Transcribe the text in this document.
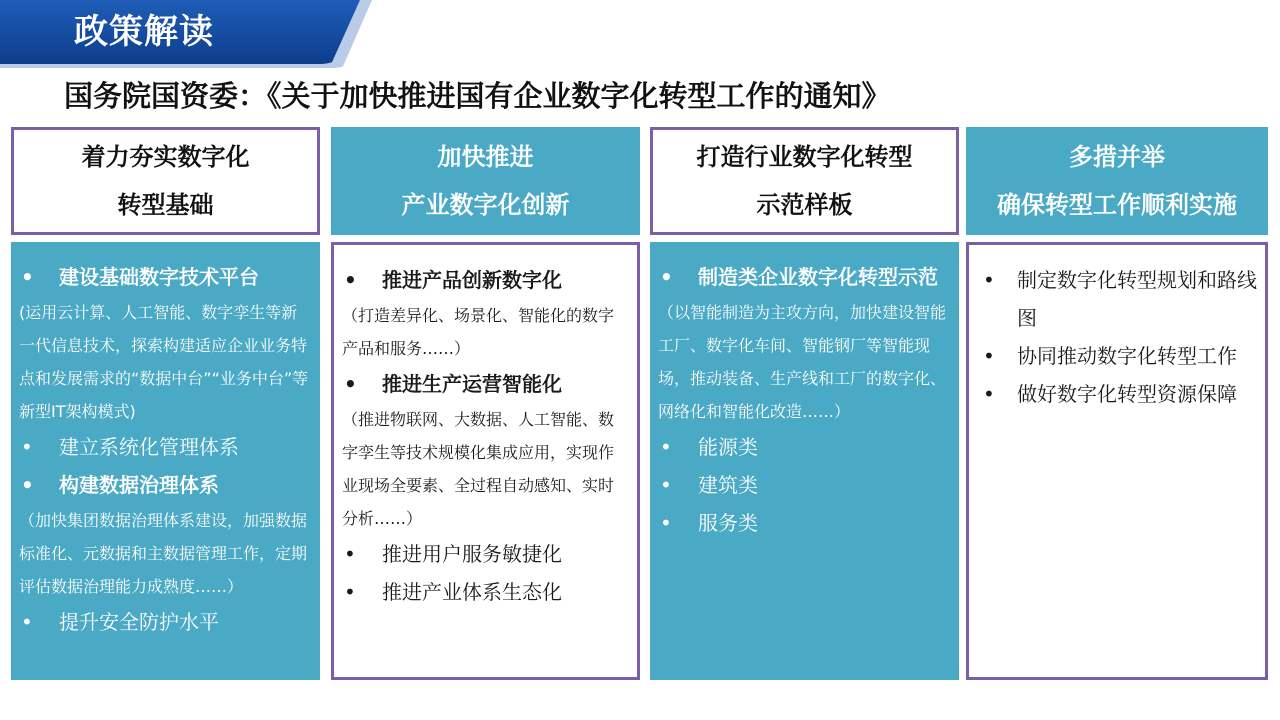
政策解读
国务院国资委：《关于加快推进国有企业数字化转型工作的通知》
着力夯实数字化
转型基础
•	建设基础数字技术平台
(运用云计算、人工智能、数字孪生等新一代信息技术，探索构建适应企业业务特点和发展需求的“数据中台”“业务中台”等新型IT架构模式)
•	建立系统化管理体系
•	构建数据治理体系
（加快集团数据治理体系建设，加强数据标准化、元数据和主数据管理工作，定期评估数据治理能力成熟度……）
•	提升安全防护水平
加快推进
产业数字化创新
•	推进产品创新数字化
（打造差异化、场景化、智能化的数字产品和服务……）
•	推进生产运营智能化
（推进物联网、大数据、人工智能、数字孪生等技术规模化集成应用，实现作业现场全要素、全过程自动感知、实时分析……）
•	推进用户服务敏捷化
•	推进产业体系生态化
打造行业数字化转型
示范样板
•	制造类企业数字化转型示范
（以智能制造为主攻方向，加快建设智能工厂、数字化车间、智能钢厂等智能现场，推动装备、生产线和工厂的数字化、网络化和智能化改造……）
•	能源类
•	建筑类
•	服务类
多措并举
确保转型工作顺利实施
•	制定数字化转型规划和路线图
•	协同推动数字化转型工作
•	做好数字化转型资源保障
